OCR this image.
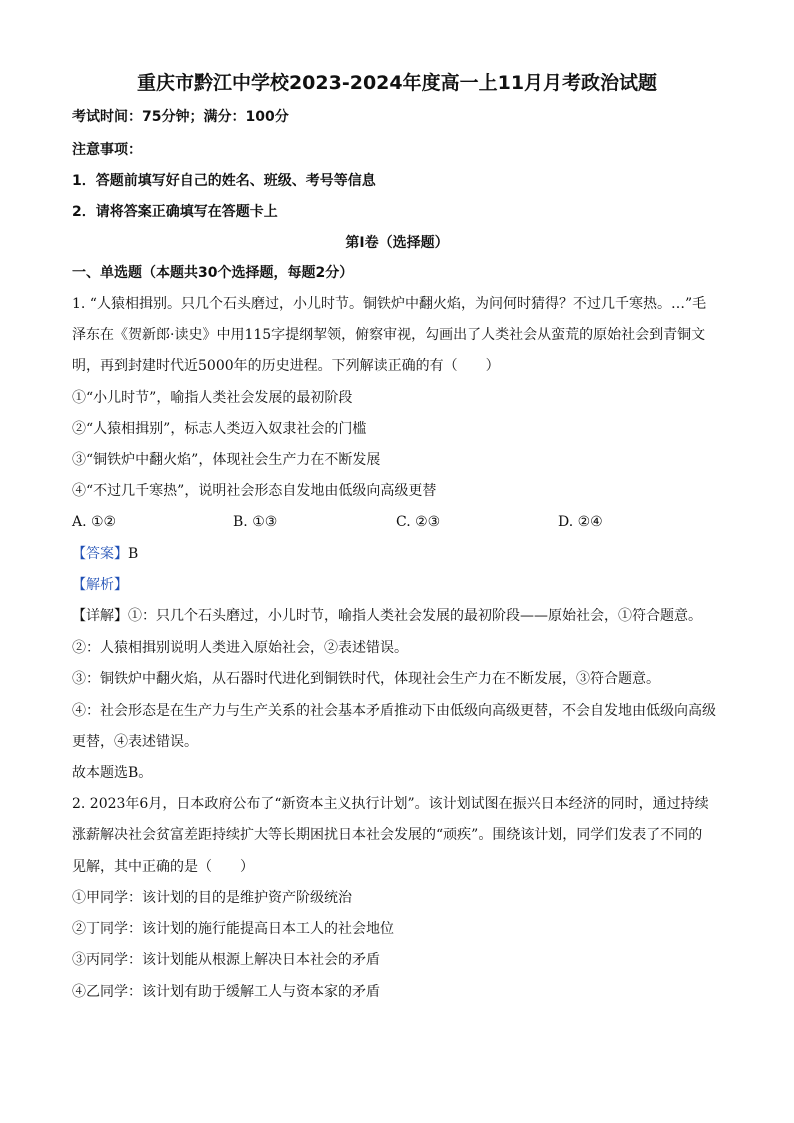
重庆市黔江中学校2023-2024年度高一上11月月考政治试题
考试时间：75分钟；满分：100分
注意事项：
1．答题前填写好自己的姓名、班级、考号等信息
2．请将答案正确填写在答题卡上
第I卷（选择题）
一、单选题（本题共30个选择题，每题2分）
1. “人猿相揖别。只几个石头磨过，小儿时节。铜铁炉中翻火焰，为问何时猜得？不过几千寒热。…”毛
泽东在《贺新郎·读史》中用115字提纲挈领，俯察审视，勾画出了人类社会从蛮荒的原始社会到青铜文
明，再到封建时代近5000年的历史进程。下列解读正确的有（　　）
①“小儿时节”，喻指人类社会发展的最初阶段
②“人猿相揖别”，标志人类迈入奴隶社会的门槛
③“铜铁炉中翻火焰”，体现社会生产力在不断发展
④“不过几千寒热”，说明社会形态自发地由低级向高级更替
A. ①②	B. ①③	C. ②③	D. ②④
【答案】B
【解析】
【详解】①：只几个石头磨过，小儿时节，喻指人类社会发展的最初阶段——原始社会，①符合题意。
②：人猿相揖别说明人类进入原始社会，②表述错误。
③：铜铁炉中翻火焰，从石器时代进化到铜铁时代，体现社会生产力在不断发展，③符合题意。
④：社会形态是在生产力与生产关系的社会基本矛盾推动下由低级向高级更替，不会自发地由低级向高级
更替，④表述错误。
故本题选B。
2. 2023年6月，日本政府公布了“新资本主义执行计划”。该计划试图在振兴日本经济的同时，通过持续
涨薪解决社会贫富差距持续扩大等长期困扰日本社会发展的“顽疾”。围绕该计划，同学们发表了不同的
见解，其中正确的是（　　）
①甲同学：该计划的目的是维护资产阶级统治
②丁同学：该计划的施行能提高日本工人的社会地位
③丙同学：该计划能从根源上解决日本社会的矛盾
④乙同学：该计划有助于缓解工人与资本家的矛盾
